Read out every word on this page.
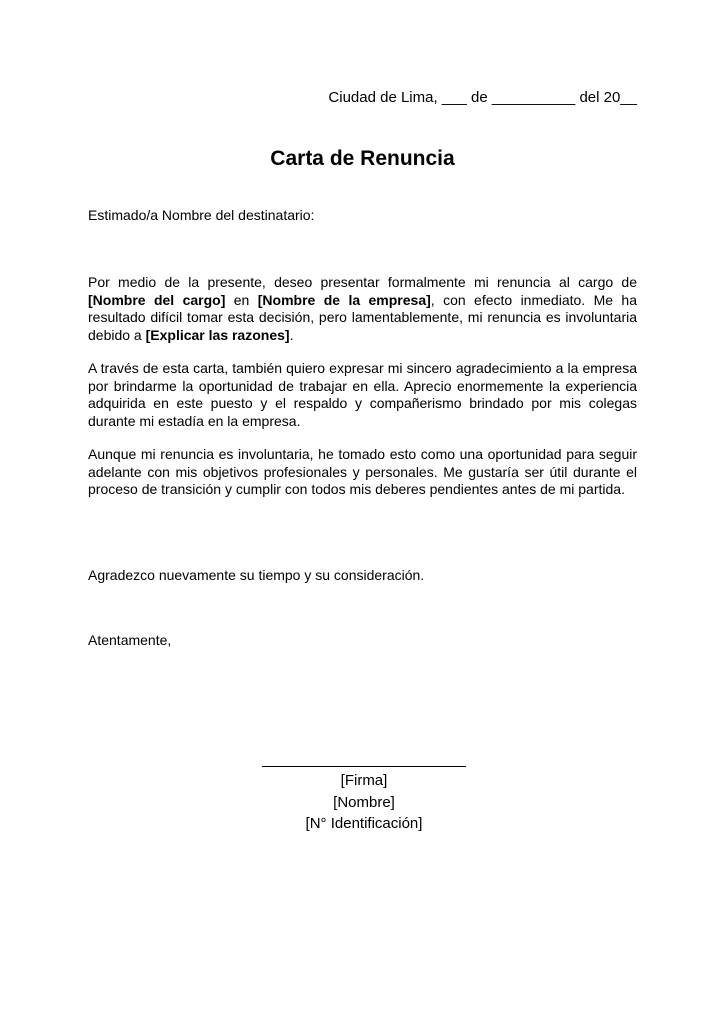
Ciudad de Lima, ___ de __________ del 20__
Carta de Renuncia
Estimado/a Nombre del destinatario:

Por medio de la presente, deseo presentar formalmente mi renuncia al cargo de [Nombre del cargo] en [Nombre de la empresa], con efecto inmediato. Me ha resultado difícil tomar esta decisión, pero lamentablemente, mi renuncia es involuntaria debido a [Explicar las razones].

A través de esta carta, también quiero expresar mi sincero agradecimiento a la empresa por brindarme la oportunidad de trabajar en ella. Aprecio enormemente la experiencia adquirida en este puesto y el respaldo y compañerismo brindado por mis colegas durante mi estadía en la empresa.

Aunque mi renuncia es involuntaria, he tomado esto como una oportunidad para seguir adelante con mis objetivos profesionales y personales. Me gustaría ser útil durante el proceso de transición y cumplir con todos mis deberes pendientes antes de mi partida.

Agradezco nuevamente su tiempo y su consideración.
Atentamente,
[Firma]
[Nombre]
[N° Identificación]
